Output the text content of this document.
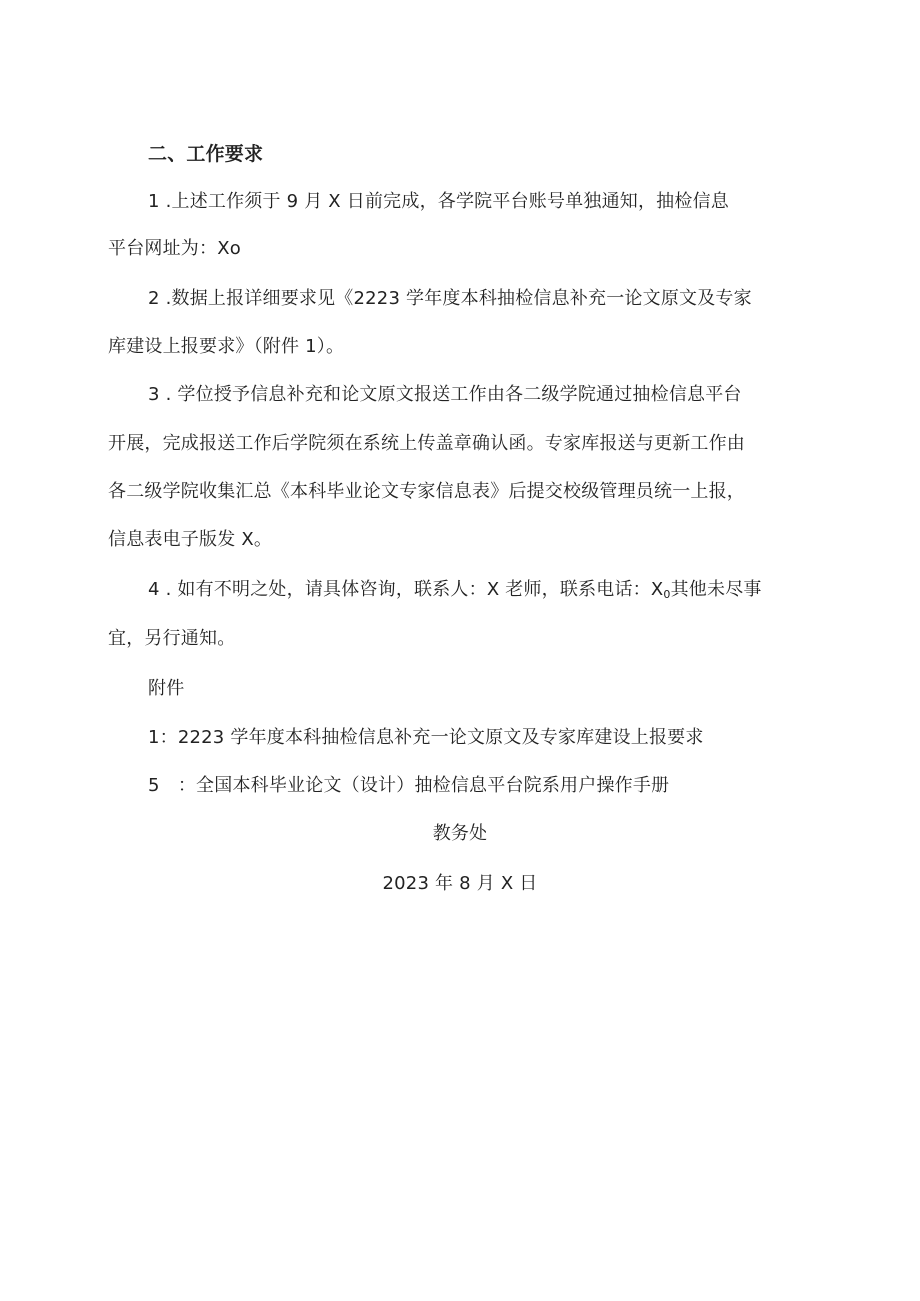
二、工作要求
1 .上述工作须于 9 月 X 日前完成，各学院平台账号单独通知，抽检信息
平台网址为：Xo
2 .数据上报详细要求见《2223 学年度本科抽检信息补充一论文原文及专家
库建设上报要求》（附件 1）。
3 . 学位授予信息补充和论文原文报送工作由各二级学院通过抽检信息平台
开展，完成报送工作后学院须在系统上传盖章确认函。专家库报送与更新工作由
各二级学院收集汇总《本科毕业论文专家信息表》后提交校级管理员统一上报，
信息表电子版发 X。
4 . 如有不明之处，请具体咨询，联系人：X 老师，联系电话：$X_0$其他未尽事
宜，另行通知。
附件
1：2223 学年度本科抽检信息补充一论文原文及专家库建设上报要求
5　：全国本科毕业论文（设计）抽检信息平台院系用户操作手册
教务处
2023 年 8 月 X 日
